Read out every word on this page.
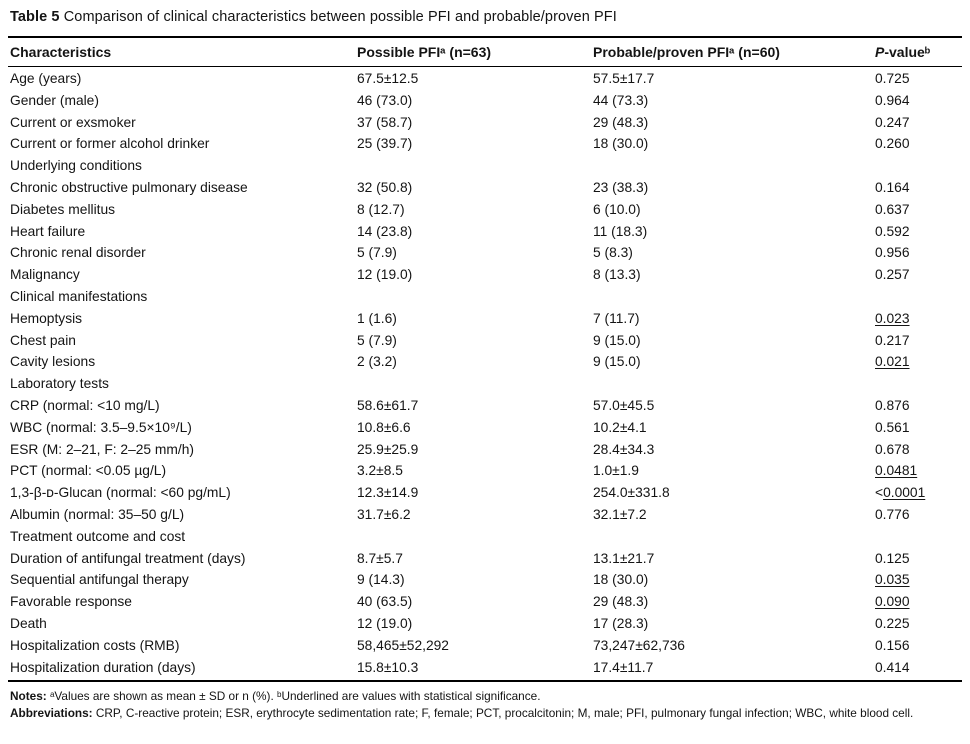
Table 5 Comparison of clinical characteristics between possible PFI and probable/proven PFI
Characteristics	Possible PFIᵃ (n=63)	Probable/proven PFIᵃ (n=60)	P-valueᵇ
Age (years)	67.5±12.5	57.5±17.7	0.725
Gender (male)	46 (73.0)	44 (73.3)	0.964
Current or exsmoker	37 (58.7)	29 (48.3)	0.247
Current or former alcohol drinker	25 (39.7)	18 (30.0)	0.260
Underlying conditions
Chronic obstructive pulmonary disease	32 (50.8)	23 (38.3)	0.164
Diabetes mellitus	8 (12.7)	6 (10.0)	0.637
Heart failure	14 (23.8)	11 (18.3)	0.592
Chronic renal disorder	5 (7.9)	5 (8.3)	0.956
Malignancy	12 (19.0)	8 (13.3)	0.257
Clinical manifestations
Hemoptysis	1 (1.6)	7 (11.7)	0.023
Chest pain	5 (7.9)	9 (15.0)	0.217
Cavity lesions	2 (3.2)	9 (15.0)	0.021
Laboratory tests
CRP (normal: <10 mg/L)	58.6±61.7	57.0±45.5	0.876
WBC (normal: 3.5–9.5×10⁹/L)	10.8±6.6	10.2±4.1	0.561
ESR (M: 2–21, F: 2–25 mm/h)	25.9±25.9	28.4±34.3	0.678
PCT (normal: <0.05 µg/L)	3.2±8.5	1.0±1.9	0.0481
1,3-β-ᴅ-Glucan (normal: <60 pg/mL)	12.3±14.9	254.0±331.8	<0.0001
Albumin (normal: 35–50 g/L)	31.7±6.2	32.1±7.2	0.776
Treatment outcome and cost
Duration of antifungal treatment (days)	8.7±5.7	13.1±21.7	0.125
Sequential antifungal therapy	9 (14.3)	18 (30.0)	0.035
Favorable response	40 (63.5)	29 (48.3)	0.090
Death	12 (19.0)	17 (28.3)	0.225
Hospitalization costs (RMB)	58,465±52,292	73,247±62,736	0.156
Hospitalization duration (days)	15.8±10.3	17.4±11.7	0.414

Notes: ᵃValues are shown as mean ± SD or n (%). ᵇUnderlined are values with statistical significance.

Abbreviations: CRP, C-reactive protein; ESR, erythrocyte sedimentation rate; F, female; PCT, procalcitonin; M, male; PFI, pulmonary fungal infection; WBC, white blood cell.
